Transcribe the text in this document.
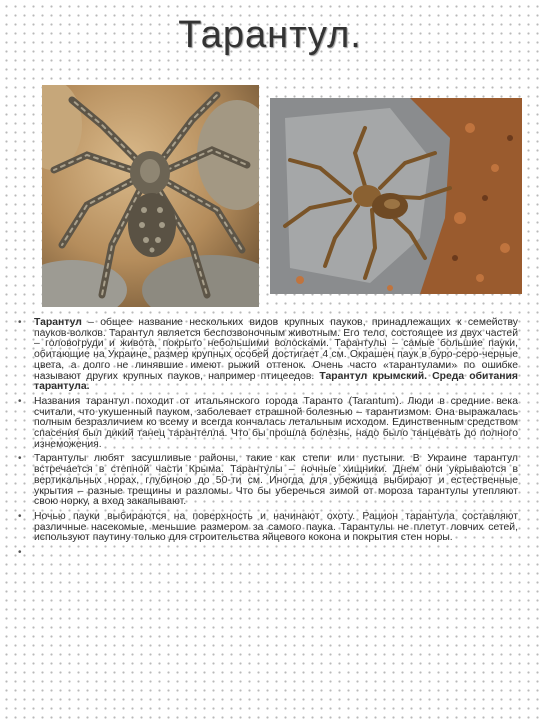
Тарантул.
• Тарантул – общее название нескольких видов крупных пауков, принадлежащих к семейству пауков-волков. Тарантул является беспозвоночным животным. Его тело, состоящее из двух частей – головогруди и живота, покрыто небольшими волосками. Тарантулы – самые большие пауки, обитающие на Украине, размер крупных особей достигает 4 см. Окрашен паук в буро-серо-черные цвета, а долго не линявшие имеют рыжий оттенок. Очень часто «тарантулами» по ошибке называют других крупных пауков, например птицеедов. Тарантул крымский. Среда обитания тарантула.
• Названия тарантул походит от итальянского города Таранто (Tarantum). Люди в средние века считали, что укушенный пауком, заболевает страшной болезнью – тарантизмом. Она выражалась полным безразличием ко всему и всегда кончалась летальным исходом. Единственным средством спасения был дикий танец тарантелла. Что бы прошла болезнь, надо было танцевать до полного изнеможения.
• Тарантулы любят засушливые районы, такие как степи или пустыни. В Украине тарантул встречается в степной части Крыма. Тарантулы – ночные хищники. Днем они укрываются в вертикальных норах, глубиною до 50-ти см. Иногда для убежища выбирают и естественные укрытия – разные трещины и разломы. Что бы уберечься зимой от мороза тарантулы утепляют свою норку, а вход закапывают.
• Ночью пауки выбираются на поверхность и начинают охоту. Рацион тарантула составляют различные насекомые, меньшие размером за самого паука. Тарантулы не плетут ловчих сетей, используют паутину только для строительства яйцевого кокона и покрытия стен норы.
•
